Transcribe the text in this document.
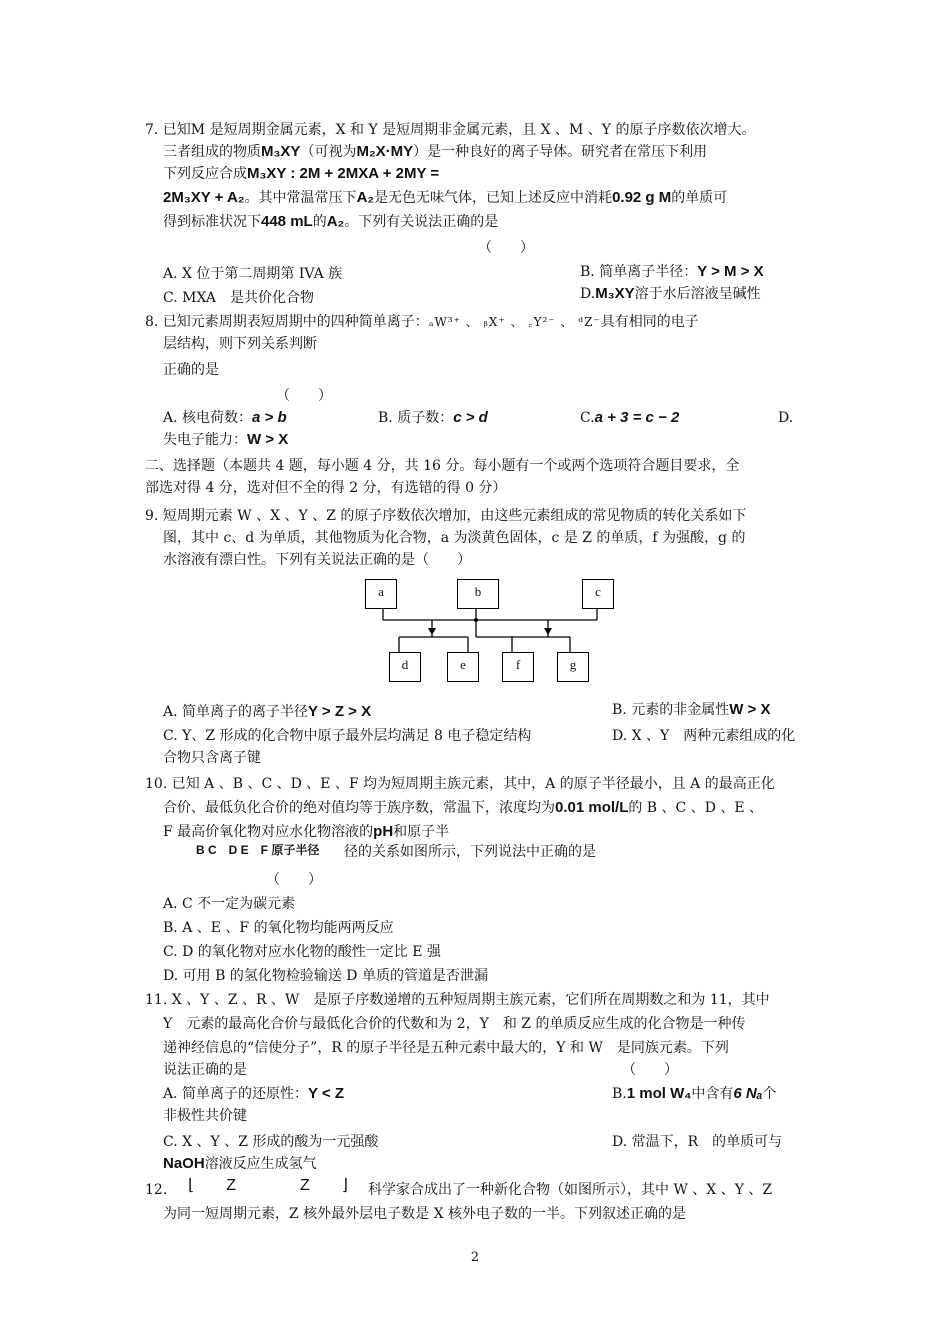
7. 已知M 是短周期金属元素，X 和 Y 是短周期非金属元素，且 X 、M 、Y 的原子序数依次增大。
三者组成的物质M₃XY（可视为M₂X·MY）是一种良好的离子导体。研究者在常压下利用
下列反应合成M₃XY : 2M + 2MXA + 2MY =
2M₃XY + A₂。其中常温常压下A₂是无色无味气体，已知上述反应中消耗0.92 g M的单质可
得到标准状况下448 mL的A₂。下列有关说法正确的是
（　　）
A. X 位于第二周期第 IVA 族	B. 简单离子半径：Y > M > X
C. MXA　是共价化合物	D.M₃XY溶于水后溶液呈碱性
8. 已知元素周期表短周期中的四种简单离子：ₐW³⁺ 、 ᵦX⁺ 、 ꜀Y²⁻ 、 ᵈZ⁻具有相同的电子
层结构，则下列关系判断
正确的是
（　　）
A. 核电荷数：a > b	B. 质子数：c > d	C.a + 3 = c − 2	D.
失电子能力：W > X
二、选择题（本题共 4 题，每小题 4 分，共 16 分。每小题有一个或两个选项符合题目要求，全
部选对得 4 分，选对但不全的得 2 分，有选错的得 0 分）
9. 短周期元素 W 、X 、Y 、Z 的原子序数依次增加，由这些元素组成的常见物质的转化关系如下
图，其中 c、d 为单质，其他物质为化合物，a 为淡黄色固体，c 是 Z 的单质，f 为强酸，g 的
水溶液有漂白性。下列有关说法正确的是（　　）
a	b	c
d	e	f	g
A. 简单离子的离子半径Y > Z > X	B. 元素的非金属性W > X
C. Y、Z 形成的化合物中原子最外层均满足 8 电子稳定结构	D. X 、Y　两种元素组成的化
合物只含离子键
10. 已知 A 、B 、C 、D 、E 、F 均为短周期主族元素，其中，A 的原子半径最小，且 A 的最高正化
合价、最低负化合价的绝对值均等于族序数，常温下，浓度均为0.01 mol/L的 B 、C 、D 、E 、
F 最高价氧化物对应水化物溶液的pH和原子半
B C　D E　F 原子半径 径的关系如图所示，下列说法中正确的是
（　　）
A. C 不一定为碳元素
B. A 、E 、F 的氧化物均能两两反应
C. D 的氧化物对应水化物的酸性一定比 E 强
D. 可用 B 的氢化物检验输送 D 单质的管道是否泄漏
11. X 、Y 、Z 、R 、W　是原子序数递增的五种短周期主族元素，它们所在周期数之和为 11，其中
Y　元素的最高化合价与最低化合价的代数和为 2，Y　和 Z 的单质反应生成的化合物是一种传
递神经信息的“信使分子”，R 的原子半径是五种元素中最大的，Y 和 W　是同族元素。下列
说法正确的是	（　　）
A. 简单离子的还原性：Y < Z	B.1 mol W₄中含有6 Nₐ个
非极性共价键
C. X 、Y 、Z 形成的酸为一元强酸	D. 常温下，R　的单质可与
NaOH溶液反应生成氢气
12. ⌊　　Z　　　　Z　　⌋ 科学家合成出了一种新化合物（如图所示），其中 W 、X 、Y 、Z
为同一短周期元素，Z 核外最外层电子数是 X 核外电子数的一半。下列叙述正确的是
2
